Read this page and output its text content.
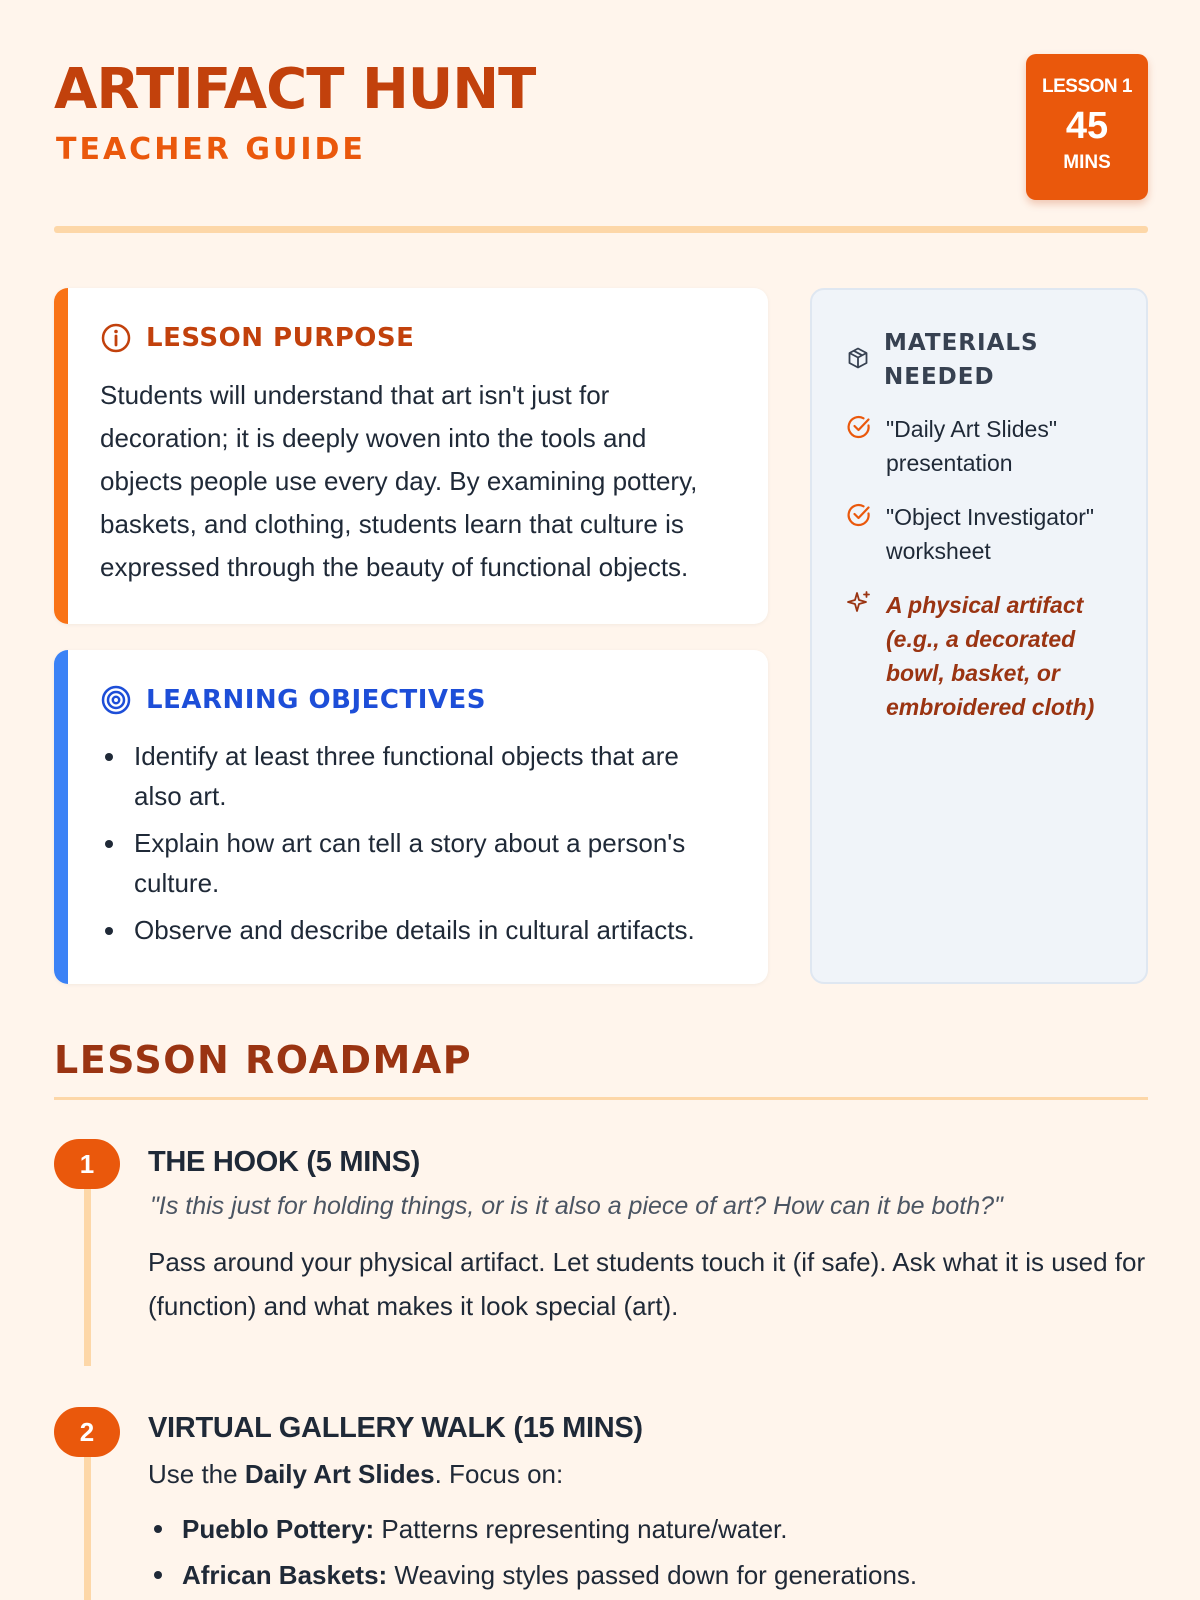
ARTIFACT HUNT
TEACHER GUIDE
LESSON 1
45
MINS
LESSON PURPOSE
Students will understand that art isn't just for decoration; it is deeply woven into the tools and objects people use every day. By examining pottery, baskets, and clothing, students learn that culture is expressed through the beauty of functional objects.
LEARNING OBJECTIVES
Identify at least three functional objects that are also art.
Explain how art can tell a story about a person's culture.
Observe and describe details in cultural artifacts.
MATERIALS NEEDED
"Daily Art Slides" presentation
"Object Investigator" worksheet
A physical artifact (e.g., a decorated bowl, basket, or embroidered cloth)
LESSON ROADMAP
1	THE HOOK (5 MINS)
"Is this just for holding things, or is it also a piece of art? How can it be both?"
Pass around your physical artifact. Let students touch it (if safe). Ask what it is used for (function) and what makes it look special (art).
2	VIRTUAL GALLERY WALK (15 MINS)
Use the Daily Art Slides. Focus on:
Pueblo Pottery: Patterns representing nature/water.
African Baskets: Weaving styles passed down for generations.
